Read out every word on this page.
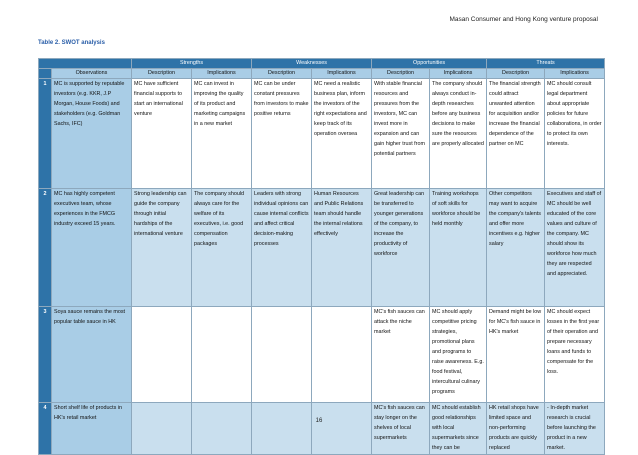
Masan Consumer and Hong Kong venture proposal
Table 2. SWOT analysis
		Strengths		Weaknesses		Opportunities		Threats	
	Observations	Description	Implications	Description	Implications	Description	Implications	Description	Implications
1	MC is supported by reputable investors (e.g. KKR, J.P Morgan, House Foods) and stakeholders (e.g. Goldman Sachs, IFC)	MC have sufficient financial supports to start an international venture	MC can invest in improving the quality of its product and marketing campaigns in a new market	MC can be under constant pressures from investors to make positive returns	MC need a realistic business plan, inform the investors of the right expectations and keep track of its operation oversea	With stable financial resources and pressures from the investors, MC can invest more in expansion and can gain higher trust from potential partners	The company should always conduct in-depth researches before any business decisions to make sure the resources are properly allocated	The financial strength could attract unwanted attention for acquisition and/or increase the financial dependence of the partner on MC	MC should consult legal department about appropriate policies for future collaborations, in order to protect its own interests.
2	MC has highly competent executives team, whose experiences in the FMCG industry exceed 15 years.	Strong leadership can guide the company through initial hardships of the international venture	The company should always care for the welfare of its executives, i.e. good compensation packages	Leaders with strong individual opinions can cause internal conflicts and affect critical decision-making processes	Human Resources and Public Relations team should handle the internal relations effectively	Great leadership can be transferred to younger generations of the company, to increase the productivity of workforce	Training workshops of soft skills for workforce should be held monthly	Other competitors may want to acquire the company's talents and offer more incentives e.g. higher salary	Executives and staff of MC should be well educated of the core values and culture of the company. MC should show its workforce how much they are respected and appreciated.
3	Soya sauce remains the most popular table sauce in HK					MC's fish sauces can attack the niche market	MC should apply competitive pricing strategies, promotional plans and programs to raise awareness. E.g. food festival, intercultural culinary programs	Demand might be low for MC's fish sauce in HK's market	MC should expect losses in the first year of their operation and prepare necessary loans and funds to compensate for the loss.
4	Short shelf life of products in HK's retail market					MC's fish sauces can stay longer on the shelves of local supermarkets	MC should establish good relationships with local supermarkets since they can be	HK retail shops have limited space and non-performing products are quickly replaced	- In-depth market research is crucial before launching the product in a new market.
16
